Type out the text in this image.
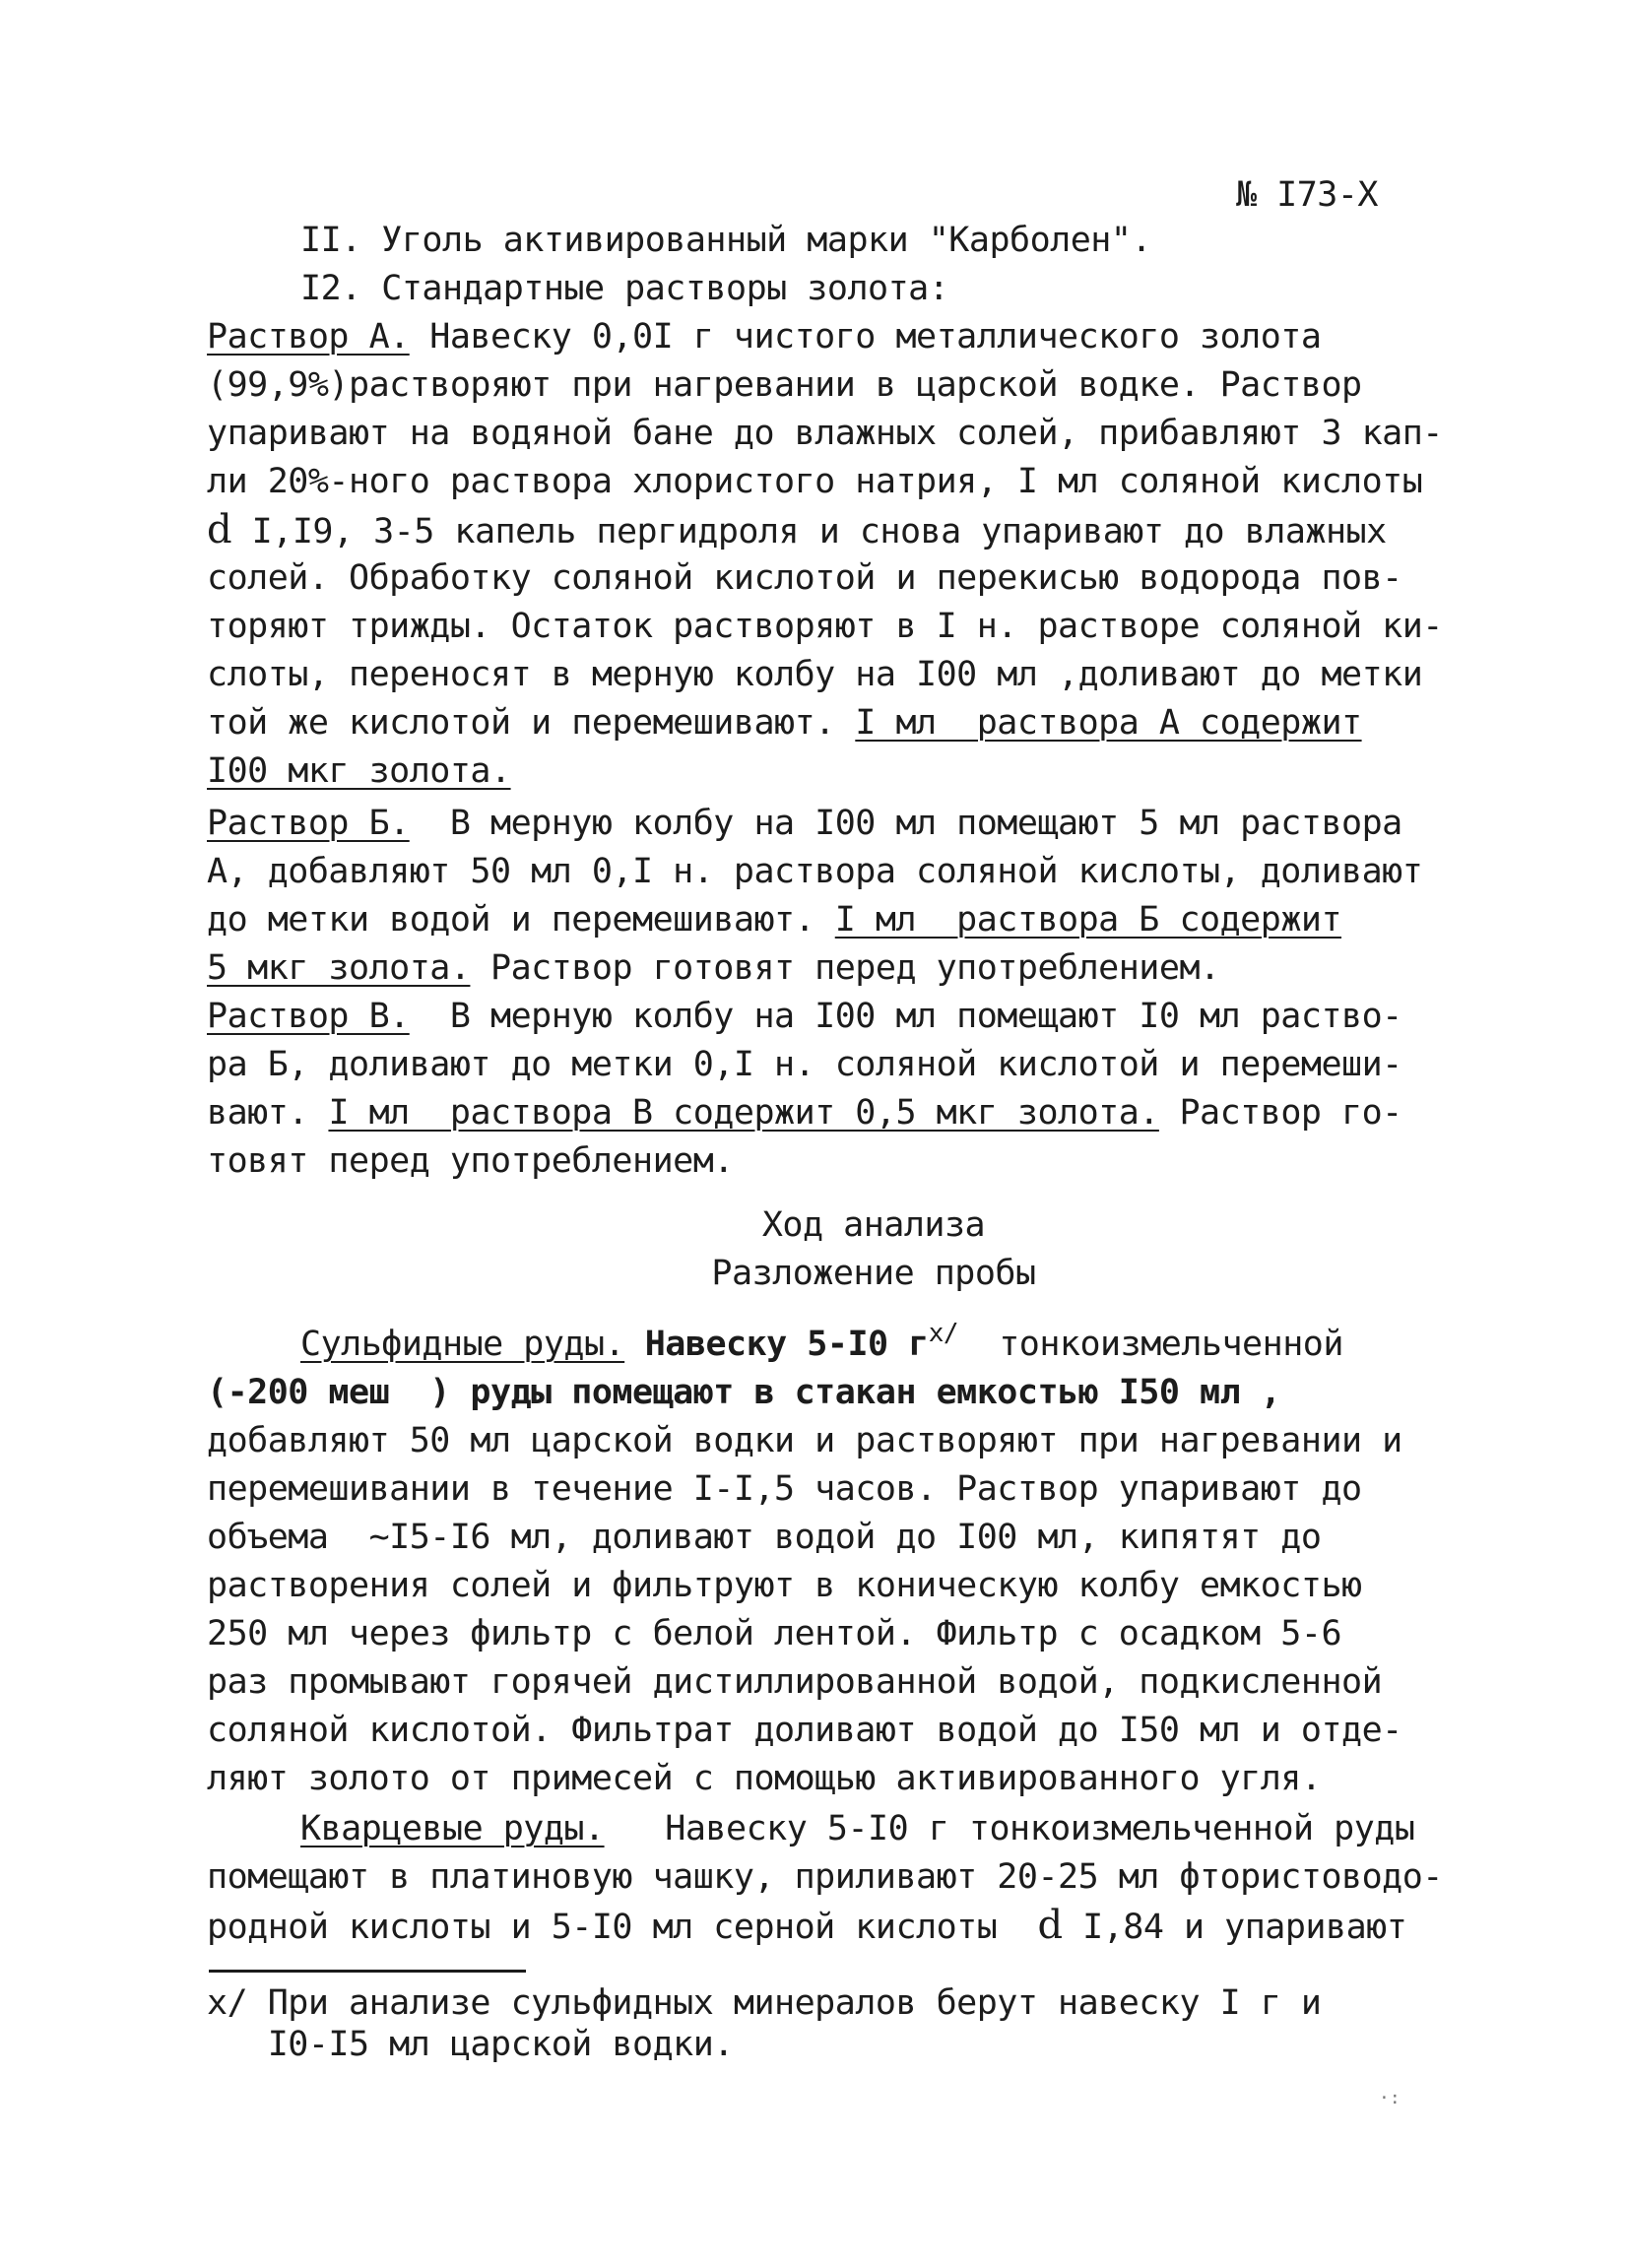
№ I73-Х
II. Уголь активированный марки "Карболен".
I2. Стандартные растворы золота:
Раствор А. Навеску 0,0I г чистого металлического золота
(99,9%)растворяют при нагревании в царской водке. Раствор
упаривают на водяной бане до влажных солей, прибавляют 3 кап-
ли 20%-ного раствора хлористого натрия, I мл соляной кислоты
d I,I9, 3-5 капель пергидроля и снова упаривают до влажных
солей. Обработку соляной кислотой и перекисью водорода пов-
торяют трижды. Остаток растворяют в I н. растворе соляной ки-
слоты, переносят в мерную колбу на I00 мл ,доливают до метки
той же кислотой и перемешивают. I мл  раствора А содержит
I00 мкг золота.
Раствор Б.  В мерную колбу на I00 мл помещают 5 мл раствора
А, добавляют 50 мл 0,I н. раствора соляной кислоты, доливают
до метки водой и перемешивают. I мл  раствора Б содержит
5 мкг золота. Раствор готовят перед употреблением.
Раствор В.  В мерную колбу на I00 мл помещают I0 мл раство-
ра Б, доливают до метки 0,I н. соляной кислотой и перемеши-
вают. I мл  раствора В содержит 0,5 мкг золота. Раствор го-
товят перед употреблением.
Ход анализа
Разложение пробы
Сульфидные руды. Навеску 5-I0 $г^{х/}$  тонкоизмельченной
(-200 меш  ) руды помещают в стакан емкостью I50 мл ,
добавляют 50 мл царской водки и растворяют при нагревании и
перемешивании в течение I-I,5 часов. Раствор упаривают до
объема  ~I5-I6 мл, доливают водой до I00 мл, кипятят до
растворения солей и фильтруют в коническую колбу емкостью
250 мл через фильтр с белой лентой. Фильтр с осадком 5-6
раз промывают горячей дистиллированной водой, подкисленной
соляной кислотой. Фильтрат доливают водой до I50 мл и отде-
ляют золото от примесей с помощью активированного угля.
Кварцевые руды.   Навеску 5-I0 г тонкоизмельченной руды
помещают в платиновую чашку, приливают 20-25 мл фтористоводо-
родной кислоты и 5-I0 мл серной кислоты  d I,84 и упаривают
х/ При анализе сульфидных минералов берут навеску I г и
I0-I5 мл царской водки.
·:
